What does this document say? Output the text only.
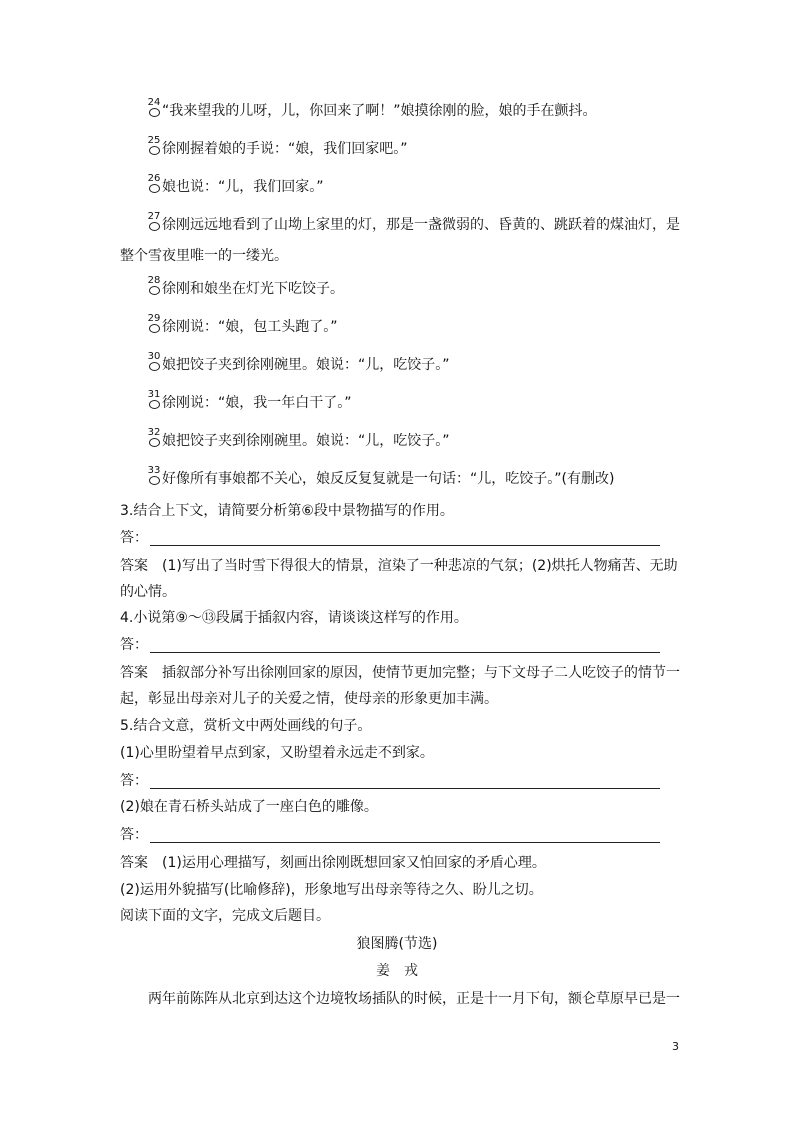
24
“我来望我的儿呀，儿，你回来了啊！”娘摸徐刚的脸，娘的手在颤抖。
25
徐刚握着娘的手说：“娘，我们回家吧。”
26
娘也说：“儿，我们回家。”
27
徐刚远远地看到了山坳上家里的灯，那是一盏微弱的、昏黄的、跳跃着的煤油灯，是
整个雪夜里唯一的一缕光。
28
徐刚和娘坐在灯光下吃饺子。
29
徐刚说：“娘，包工头跑了。”
30
娘把饺子夹到徐刚碗里。娘说：“儿，吃饺子。”
31
徐刚说：“娘，我一年白干了。”
32
娘把饺子夹到徐刚碗里。娘说：“儿，吃饺子。”
33
好像所有事娘都不关心，娘反反复复就是一句话：“儿，吃饺子。”(有删改)
3.结合上下文，请简要分析第⑥段中景物描写的作用。
答：
答案　(1)写出了当时雪下得很大的情景，渲染了一种悲凉的气氛；(2)烘托人物痛苦、无助
的心情。
4.小说第⑨～⑬段属于插叙内容，请谈谈这样写的作用。
答：
答案　插叙部分补写出徐刚回家的原因，使情节更加完整；与下文母子二人吃饺子的情节一
起，彰显出母亲对儿子的关爱之情，使母亲的形象更加丰满。
5.结合文意，赏析文中两处画线的句子。
(1)心里盼望着早点到家，又盼望着永远走不到家。
答：
(2)娘在青石桥头站成了一座白色的雕像。
答：
答案　(1)运用心理描写，刻画出徐刚既想回家又怕回家的矛盾心理。
(2)运用外貌描写(比喻修辞)，形象地写出母亲等待之久、盼儿之切。
阅读下面的文字，完成文后题目。
狼图腾(节选)
姜　戎
两年前陈阵从北京到达这个边境牧场插队的时候，正是十一月下旬，额仑草原早已是一
3
